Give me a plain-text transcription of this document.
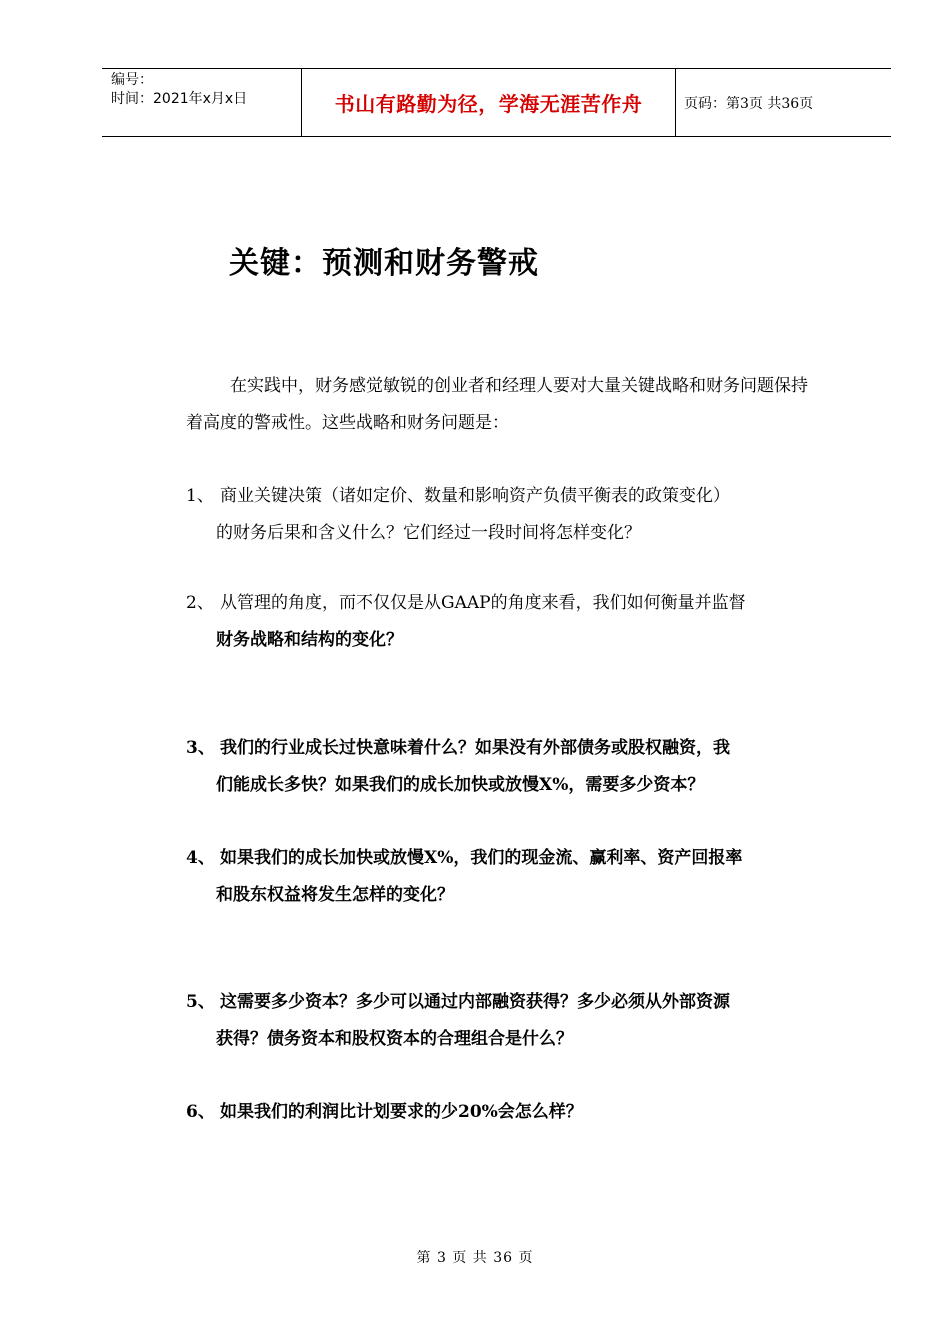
编号：
时间：2021年x月x日	书山有路勤为径，学海无涯苦作舟	页码：第3页 共36页
关键：预测和财务警戒
在实践中，财务感觉敏锐的创业者和经理人要对大量关键战略和财务问题保持着高度的警戒性。这些战略和财务问题是：
1、 商业关键决策（诸如定价、数量和影响资产负债平衡表的政策变化）
的财务后果和含义什么？它们经过一段时间将怎样变化？
2、 从管理的角度，而不仅仅是从GAAP的角度来看，我们如何衡量并监督
财务战略和结构的变化？
3、 我们的行业成长过快意味着什么？如果没有外部债务或股权融资，我
们能成长多快？如果我们的成长加快或放慢X%，需要多少资本？
4、 如果我们的成长加快或放慢X%，我们的现金流、赢利率、资产回报率
和股东权益将发生怎样的变化？
5、 这需要多少资本？多少可以通过内部融资获得？多少必须从外部资源
获得？债务资本和股权资本的合理组合是什么？
6、 如果我们的利润比计划要求的少20%会怎么样？
第 3 页 共 36 页
